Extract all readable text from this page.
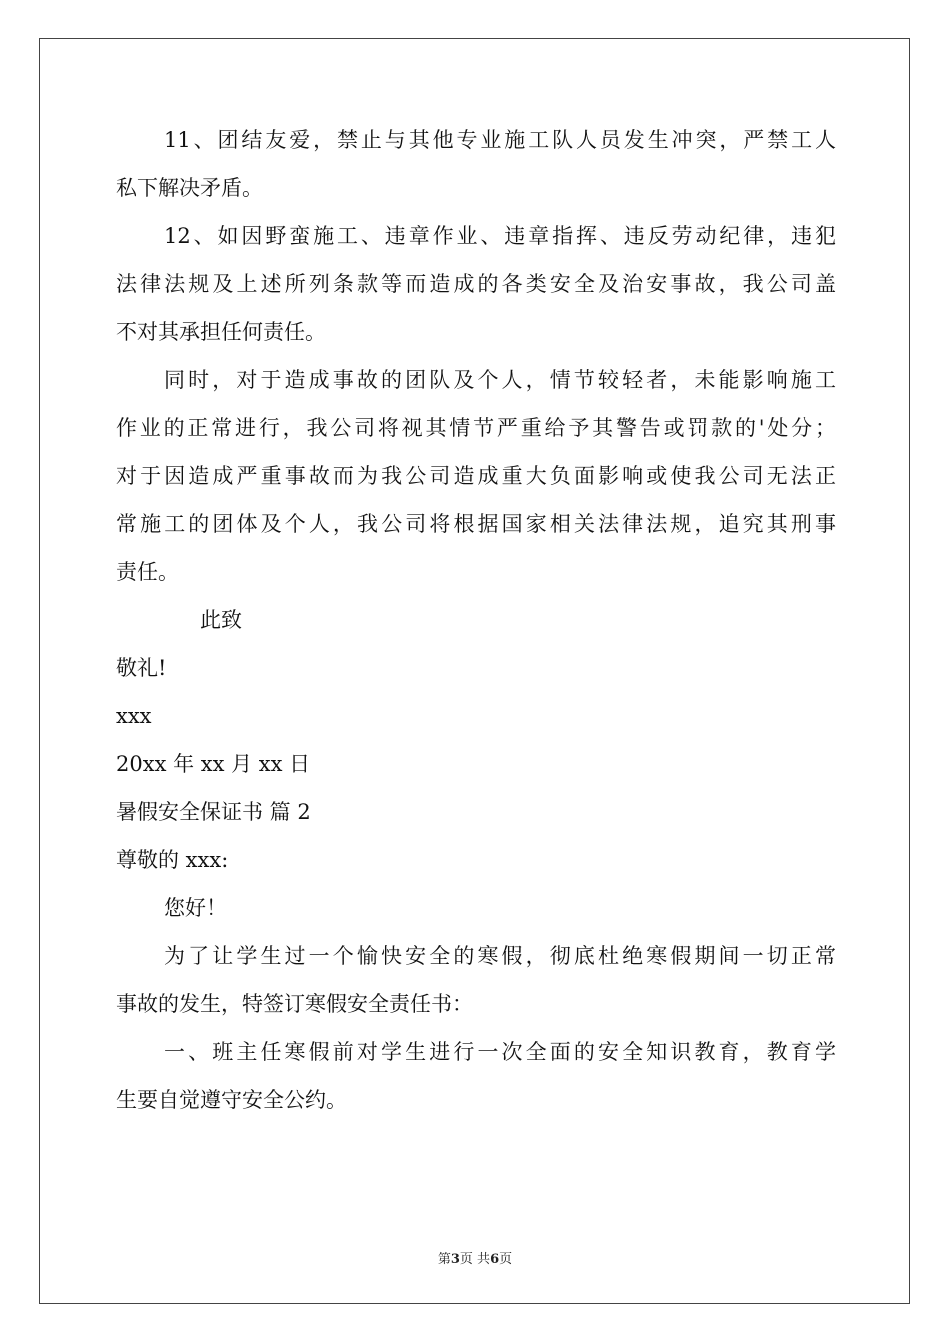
11、团结友爱，禁止与其他专业施工队人员发生冲突，严禁工人

私下解决矛盾。

12、如因野蛮施工、违章作业、违章指挥、违反劳动纪律，违犯

法律法规及上述所列条款等而造成的各类安全及治安事故，我公司盖

不对其承担任何责任。

同时，对于造成事故的团队及个人，情节较轻者，未能影响施工

作业的正常进行，我公司将视其情节严重给予其警告或罚款的'处分；

对于因造成严重事故而为我公司造成重大负面影响或使我公司无法正

常施工的团体及个人，我公司将根据国家相关法律法规，追究其刑事

责任。

此致

敬礼!

xxx

20xx 年 xx 月 xx 日

暑假安全保证书 篇 2

尊敬的 xxx:

您好！

为了让学生过一个愉快安全的寒假，彻底杜绝寒假期间一切正常

事故的发生，特签订寒假安全责任书：

一、班主任寒假前对学生进行一次全面的安全知识教育，教育学

生要自觉遵守安全公约。

第3页 共6页
